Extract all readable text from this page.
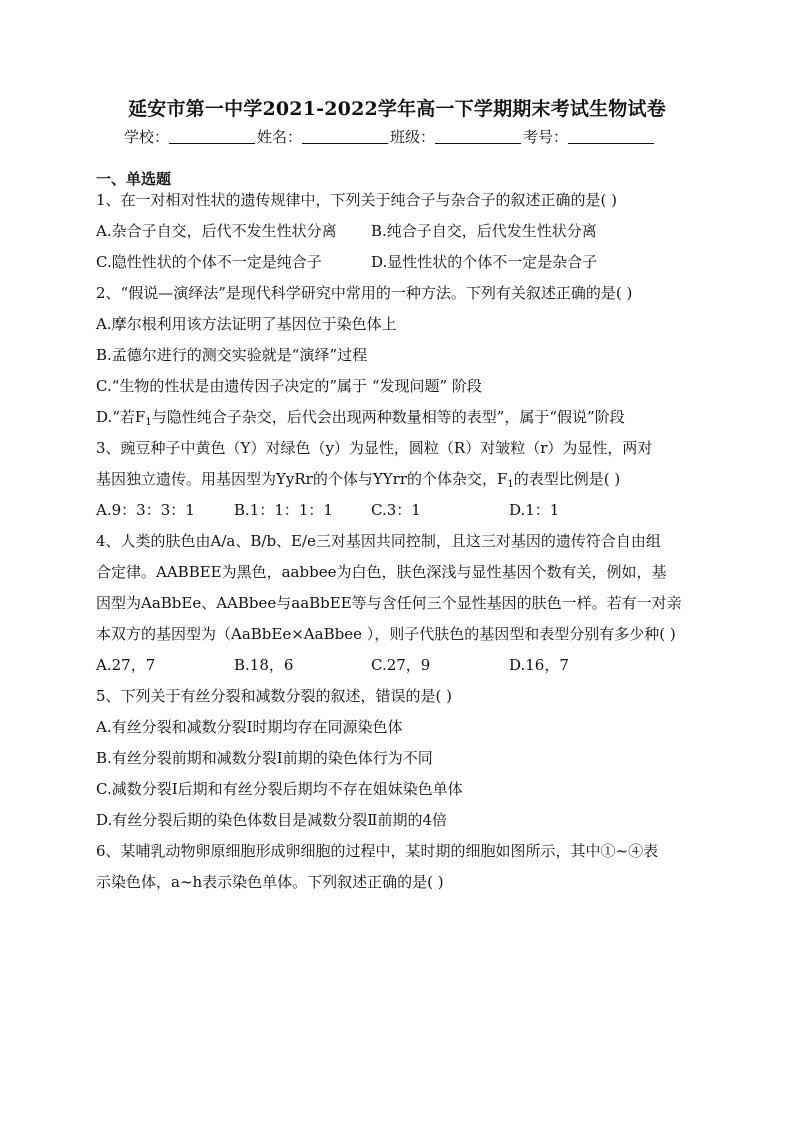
延安市第一中学2021-2022学年高一下学期期末考试生物试卷
学校：	姓名：	班级：	考号：
一、单选题
1、在一对相对性状的遗传规律中，下列关于纯合子与杂合子的叙述正确的是( )
A.杂合子自交，后代不发生性状分离 B.纯合子自交，后代发生性状分离
C.隐性性状的个体不一定是纯合子	D.显性性状的个体不一定是杂合子
2、“假说—演绎法”是现代科学研究中常用的一种方法。下列有关叙述正确的是( )
A.摩尔根利用该方法证明了基因位于染色体上
B.孟德尔进行的测交实验就是“演绎”过程
C.“生物的性状是由遗传因子决定的”属于 “发现问题” 阶段
D.“若$F_1$与隐性纯合子杂交，后代会出现两种数量相等的表型”，属于“假说”阶段
3、豌豆种子中黄色（Y）对绿色（y）为显性，圆粒（R）对皱粒（r）为显性，两对
基因独立遗传。用基因型为YyRr的个体与YYrr的个体杂交，$F_1$的表型比例是( )
A.9：3：3：1	B.1：1：1：1	C.3：1	D.1：1
4、人类的肤色由A/a、B/b、E/e三对基因共同控制，且这三对基因的遗传符合自由组
合定律。AABBEE为黑色，aabbee为白色，肤色深浅与显性基因个数有关，例如，基
因型为AaBbEe、AABbee与aaBbEE等与含任何三个显性基因的肤色一样。若有一对亲
本双方的基因型为（AaBbEe×AaBbee ），则子代肤色的基因型和表型分别有多少种( )
A.27，7	B.18，6	C.27，9	D.16，7
5、下列关于有丝分裂和减数分裂的叙述，错误的是( )
A.有丝分裂和减数分裂Ⅰ时期均存在同源染色体
B.有丝分裂前期和减数分裂Ⅰ前期的染色体行为不同
C.减数分裂Ⅰ后期和有丝分裂后期均不存在姐妹染色单体
D.有丝分裂后期的染色体数目是减数分裂Ⅱ前期的4倍
6、某哺乳动物卵原细胞形成卵细胞的过程中，某时期的细胞如图所示，其中①~④表
示染色体，a~h表示染色单体。下列叙述正确的是( )
